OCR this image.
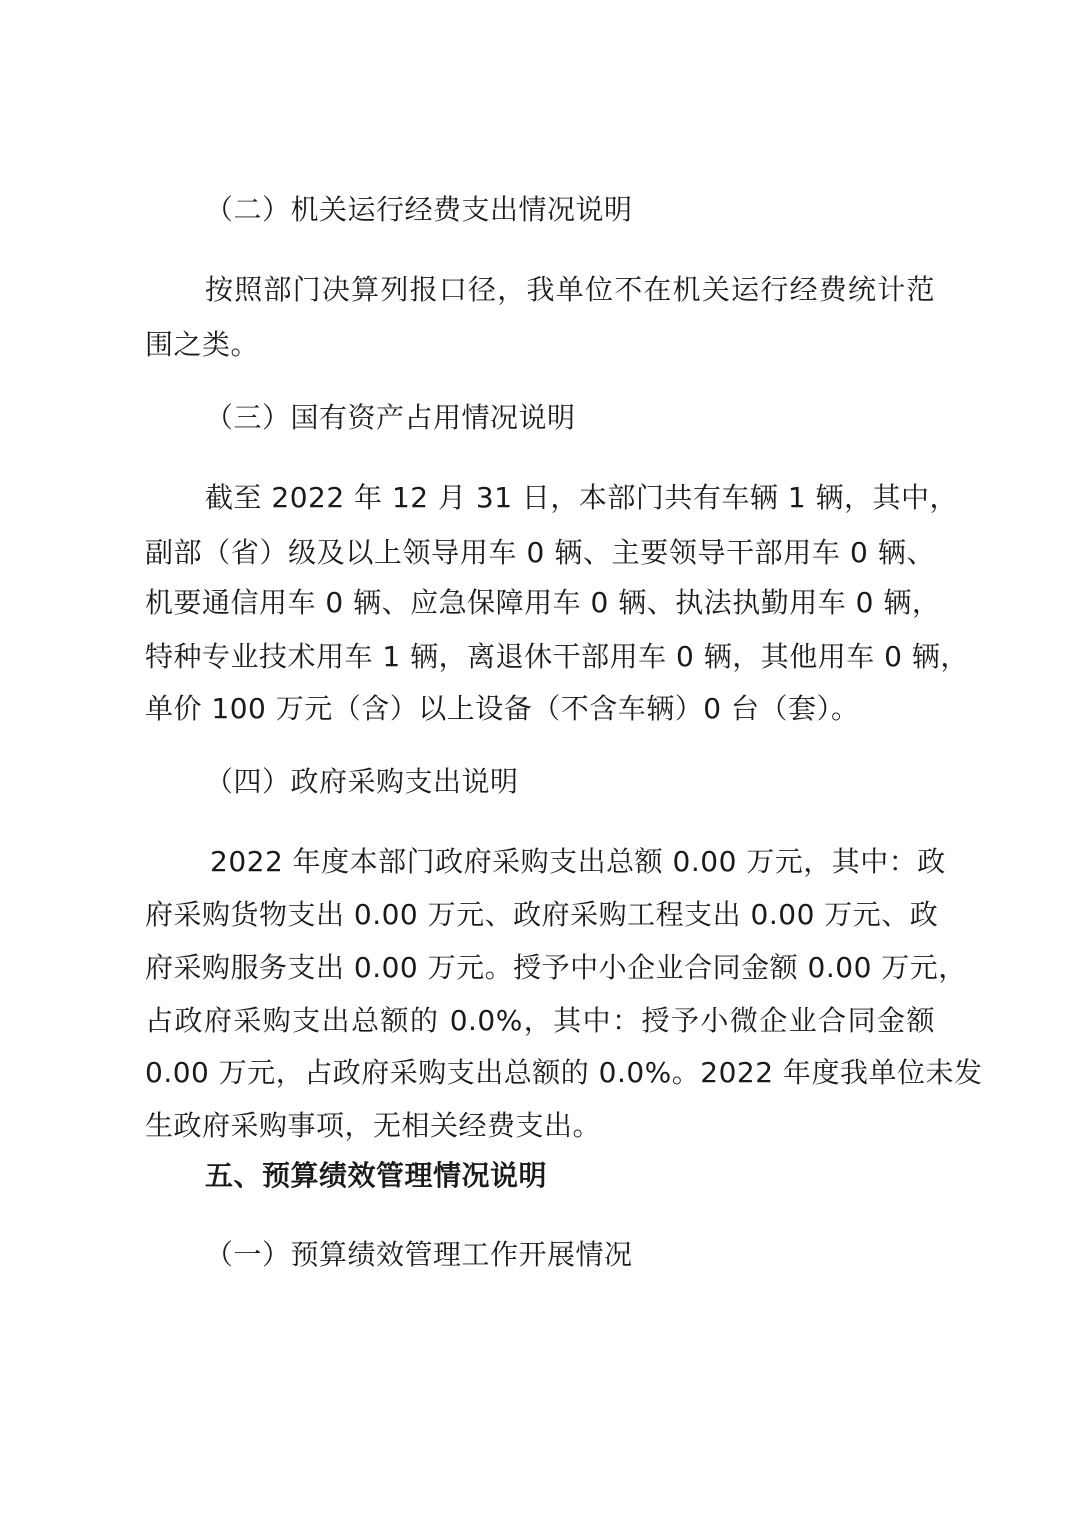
（二）机关运行经费支出情况说明
按照部门决算列报口径，我单位不在机关运行经费统计范
围之类。
（三）国有资产占用情况说明
截至 2022 年 12 月 31 日，本部门共有车辆 1 辆，其中，
副部（省）级及以上领导用车 0 辆、主要领导干部用车 0 辆、
机要通信用车 0 辆、应急保障用车 0 辆、执法执勤用车 0 辆，
特种专业技术用车 1 辆，离退休干部用车 0 辆，其他用车 0 辆，
单价 100 万元（含）以上设备（不含车辆）0 台（套）。
（四）政府采购支出说明
2022 年度本部门政府采购支出总额 0.00 万元，其中：政
府采购货物支出 0.00 万元、政府采购工程支出 0.00 万元、政
府采购服务支出 0.00 万元。授予中小企业合同金额 0.00 万元，
占政府采购支出总额的 0.0%，其中：授予小微企业合同金额
0.00 万元，占政府采购支出总额的 0.0%。2022 年度我单位未发
生政府采购事项，无相关经费支出。
五、预算绩效管理情况说明
（一）预算绩效管理工作开展情况
